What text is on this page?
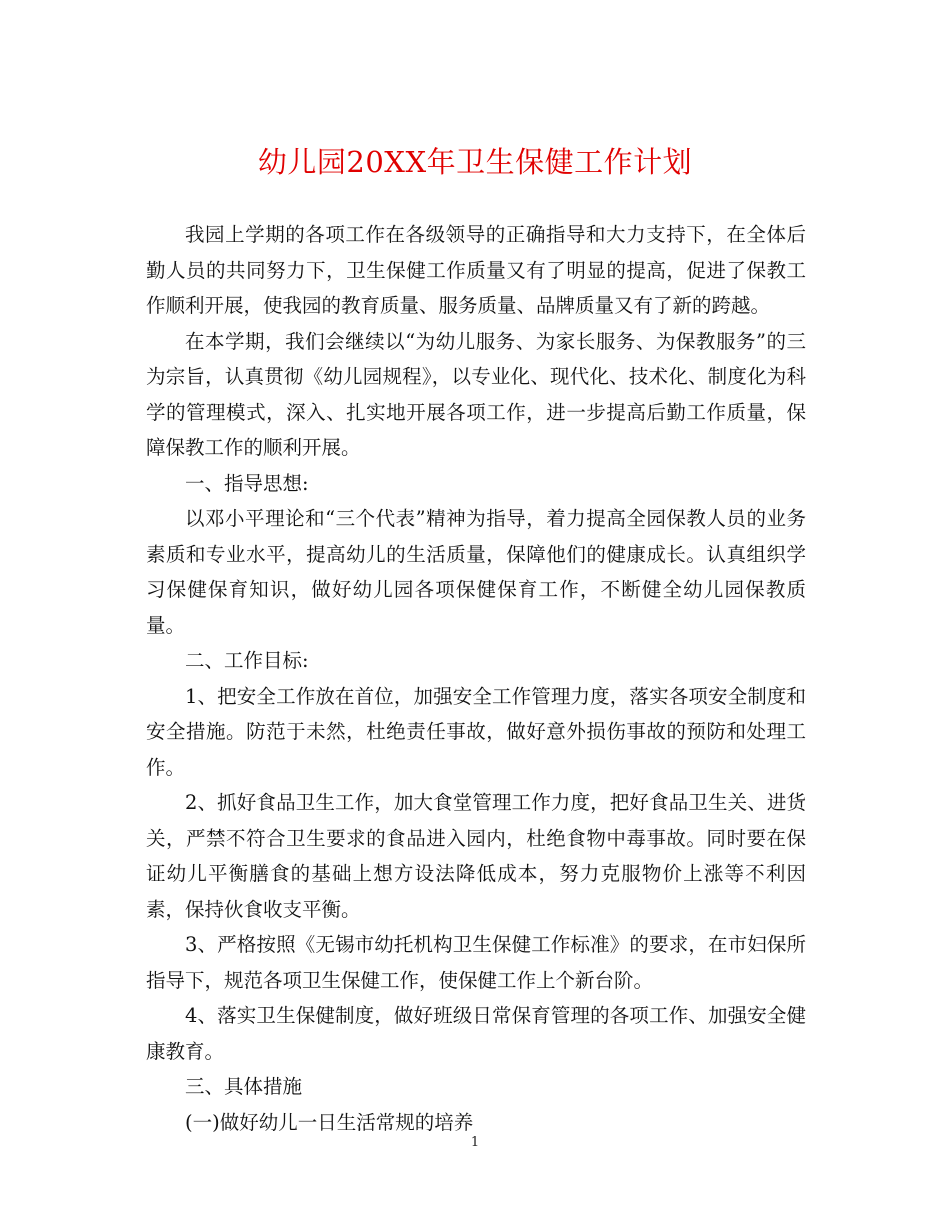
幼儿园20XX年卫生保健工作计划

我园上学期的各项工作在各级领导的正确指导和大力支持下，在全体后勤人员的共同努力下，卫生保健工作质量又有了明显的提高，促进了保教工作顺利开展，使我园的教育质量、服务质量、品牌质量又有了新的跨越。

在本学期，我们会继续以“为幼儿服务、为家长服务、为保教服务”的三为宗旨，认真贯彻《幼儿园规程》，以专业化、现代化、技术化、制度化为科学的管理模式，深入、扎实地开展各项工作，进一步提高后勤工作质量，保障保教工作的顺利开展。

一、指导思想:

以邓小平理论和“三个代表”精神为指导，着力提高全园保教人员的业务素质和专业水平，提高幼儿的生活质量，保障他们的健康成长。认真组织学习保健保育知识，做好幼儿园各项保健保育工作，不断健全幼儿园保教质量。

二、工作目标:

1、把安全工作放在首位，加强安全工作管理力度，落实各项安全制度和安全措施。防范于未然，杜绝责任事故，做好意外损伤事故的预防和处理工作。

2、抓好食品卫生工作，加大食堂管理工作力度，把好食品卫生关、进货关，严禁不符合卫生要求的食品进入园内，杜绝食物中毒事故。同时要在保证幼儿平衡膳食的基础上想方设法降低成本，努力克服物价上涨等不利因素，保持伙食收支平衡。

3、严格按照《无锡市幼托机构卫生保健工作标准》的要求，在市妇保所指导下，规范各项卫生保健工作，使保健工作上个新台阶。

4、落实卫生保健制度，做好班级日常保育管理的各项工作、加强安全健康教育。

三、具体措施

(一)做好幼儿一日生活常规的培养

1
